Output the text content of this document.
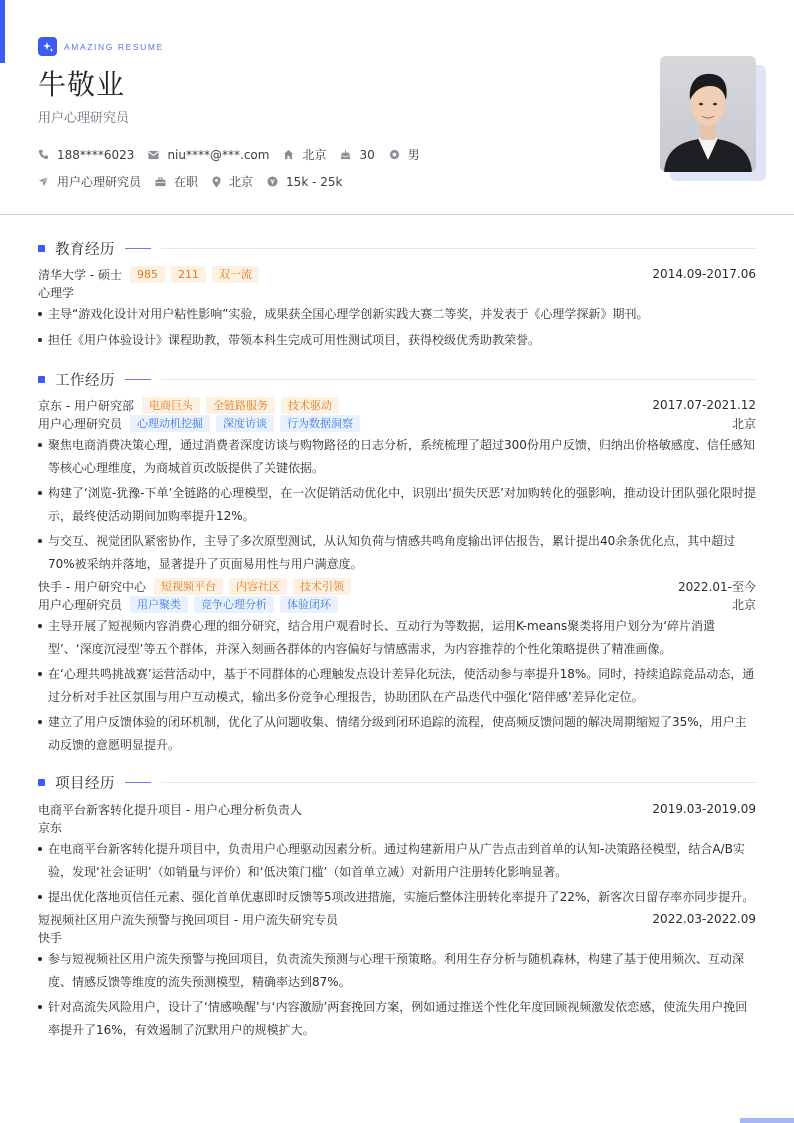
AMAZING RESUME
牛敬业
用户心理研究员
188****6023	niu****@***.com	北京	30	男
用户心理研究员	在职	北京	15k - 25k
教育经历
清华大学 - 硕士	985	211	双一流	2014.09-2017.06
心理学
主导“游戏化设计对用户粘性影响”实验，成果获全国心理学创新实践大赛二等奖，并发表于《心理学探新》期刊。
担任《用户体验设计》课程助教，带领本科生完成可用性测试项目，获得校级优秀助教荣誉。
工作经历
京东 - 用户研究部	电商巨头	全链路服务	技术驱动	2017.07-2021.12
用户心理研究员	心理动机挖掘	深度访谈	行为数据洞察	北京
聚焦电商消费决策心理，通过消费者深度访谈与购物路径的日志分析，系统梳理了超过300份用户反馈，归纳出价格敏感度、信任感知等核心心理维度，为商城首页改版提供了关键依据。
构建了‘浏览-犹豫-下单’全链路的心理模型，在一次促销活动优化中，识别出‘损失厌恶’对加购转化的强影响，推动设计团队强化限时提示，最终使活动期间加购率提升12%。
与交互、视觉团队紧密协作，主导了多次原型测试，从认知负荷与情感共鸣角度输出评估报告，累计提出40余条优化点，其中超过70%被采纳并落地，显著提升了页面易用性与用户满意度。
快手 - 用户研究中心	短视频平台	内容社区	技术引领	2022.01-至今
用户心理研究员	用户聚类	竞争心理分析	体验闭环	北京
主导开展了短视频内容消费心理的细分研究，结合用户观看时长、互动行为等数据，运用K-means聚类将用户划分为‘碎片消遣型’、‘深度沉浸型’等五个群体，并深入刻画各群体的内容偏好与情感需求，为内容推荐的个性化策略提供了精准画像。
在‘心理共鸣挑战赛’运营活动中，基于不同群体的心理触发点设计差异化玩法，使活动参与率提升18%。同时，持续追踪竞品动态，通过分析对手社区氛围与用户互动模式，输出多份竞争心理报告，协助团队在产品迭代中强化‘陪伴感’差异化定位。
建立了用户反馈体验的闭环机制，优化了从问题收集、情绪分级到闭环追踪的流程，使高频反馈问题的解决周期缩短了35%，用户主动反馈的意愿明显提升。
项目经历
电商平台新客转化提升项目 - 用户心理分析负责人	2019.03-2019.09
京东
在电商平台新客转化提升项目中，负责用户心理驱动因素分析。通过构建新用户从广告点击到首单的认知-决策路径模型，结合A/B实验，发现‘社会证明’（如销量与评价）和‘低决策门槛’（如首单立减）对新用户注册转化影响显著。
提出优化落地页信任元素、强化首单优惠即时反馈等5项改进措施，实施后整体注册转化率提升了22%，新客次日留存率亦同步提升。
短视频社区用户流失预警与挽回项目 - 用户流失研究专员	2022.03-2022.09
快手
参与短视频社区用户流失预警与挽回项目，负责流失预测与心理干预策略。利用生存分析与随机森林，构建了基于使用频次、互动深度、情感反馈等维度的流失预测模型，精确率达到87%。
针对高流失风险用户，设计了‘情感唤醒’与‘内容激励’两套挽回方案，例如通过推送个性化年度回顾视频激发依恋感，使流失用户挽回率提升了16%，有效遏制了沉默用户的规模扩大。
